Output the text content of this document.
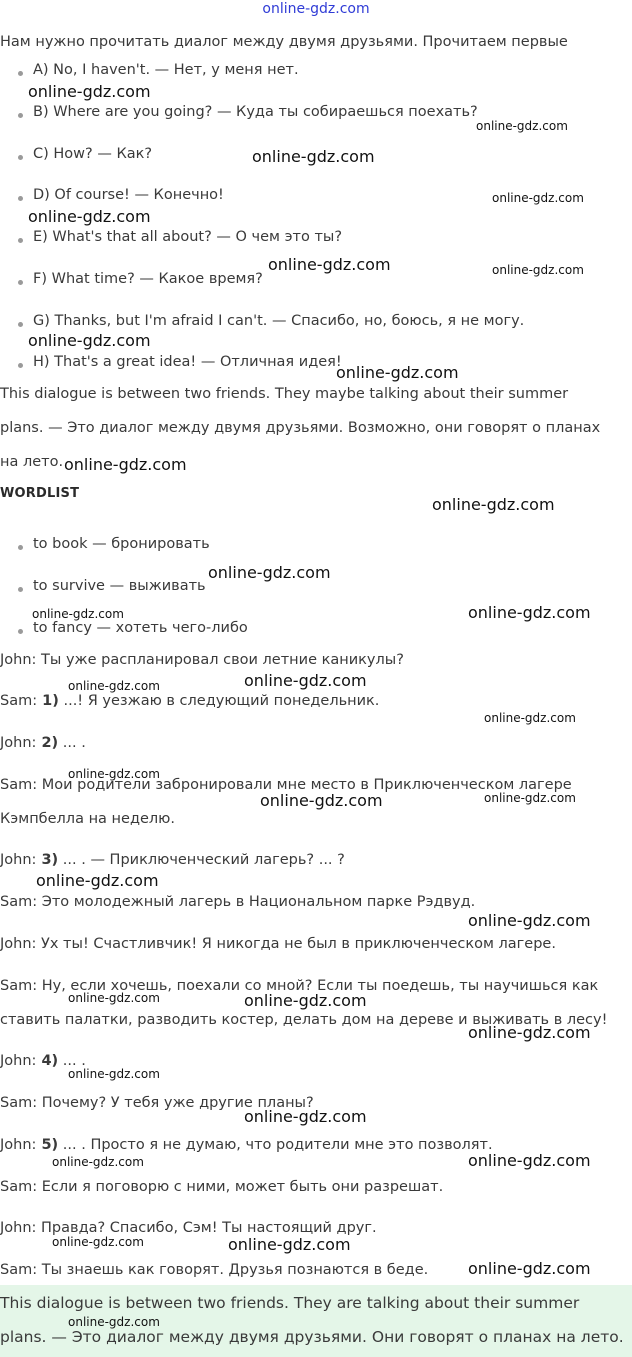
online-gdz.com
Нам нужно прочитать диалог между двумя друзьями. Прочитаем первые
A) No, I haven't. — Нет, у меня нет.
B) Where are you going? — Куда ты собираешься поехать?
C) How? — Как?
D) Of course! — Конечно!
E) What's that all about? — О чем это ты?
F) What time? — Какое время?
G) Thanks, but I'm afraid I can't. — Спасибо, но, боюсь, я не могу.
H) That's a great idea! — Отличная идея!
This dialogue is between two friends. They maybe talking about their summer
plans. — Это диалог между двумя друзьями. Возможно, они говорят о планах
на лето.
WORDLIST
to book — бронировать
to survive — выживать
to fancy — хотеть чего-либо
John: Ты уже распланировал свои летние каникулы?
Sam: 1) ...! Я уезжаю в следующий понедельник.
John: 2) ... .
Sam: Мои родители забронировали мне место в Приключенческом лагере
Кэмпбелла на неделю.
John: 3) ... . — Приключенческий лагерь? ... ?
Sam: Это молодежный лагерь в Национальном парке Рэдвуд.
John: Ух ты! Счастливчик! Я никогда не был в приключенческом лагере.
Sam: Ну, если хочешь, поехали со мной? Если ты поедешь, ты научишься как
ставить палатки, разводить костер, делать дом на дереве и выживать в лесу!
John: 4) ... .
Sam: Почему? У тебя уже другие планы?
John: 5) ... . Просто я не думаю, что родители мне это позволят.
Sam: Если я поговорю с ними, может быть они разрешат.
John: Правда? Спасибо, Сэм! Ты настоящий друг.
Sam: Ты знаешь как говорят. Друзья познаются в беде.
This dialogue is between two friends. They are talking about their summer
plans. — Это диалог между двумя друзьями. Они говорят о планах на лето.
online-gdz.com
online-gdz.com
online-gdz.com
online-gdz.com
online-gdz.com
online-gdz.com	online-gdz.com
online-gdz.com
online-gdz.com
online-gdz.com
online-gdz.com
online-gdz.com
online-gdz.com	online-gdz.com
online-gdz.com
online-gdz.com
online-gdz.com
online-gdz.com
online-gdz.com	online-gdz.com
online-gdz.com
online-gdz.com
online-gdz.com	online-gdz.com
online-gdz.com
online-gdz.com
online-gdz.com
online-gdz.com	online-gdz.com
online-gdz.com	online-gdz.com
online-gdz.com
online-gdz.com
